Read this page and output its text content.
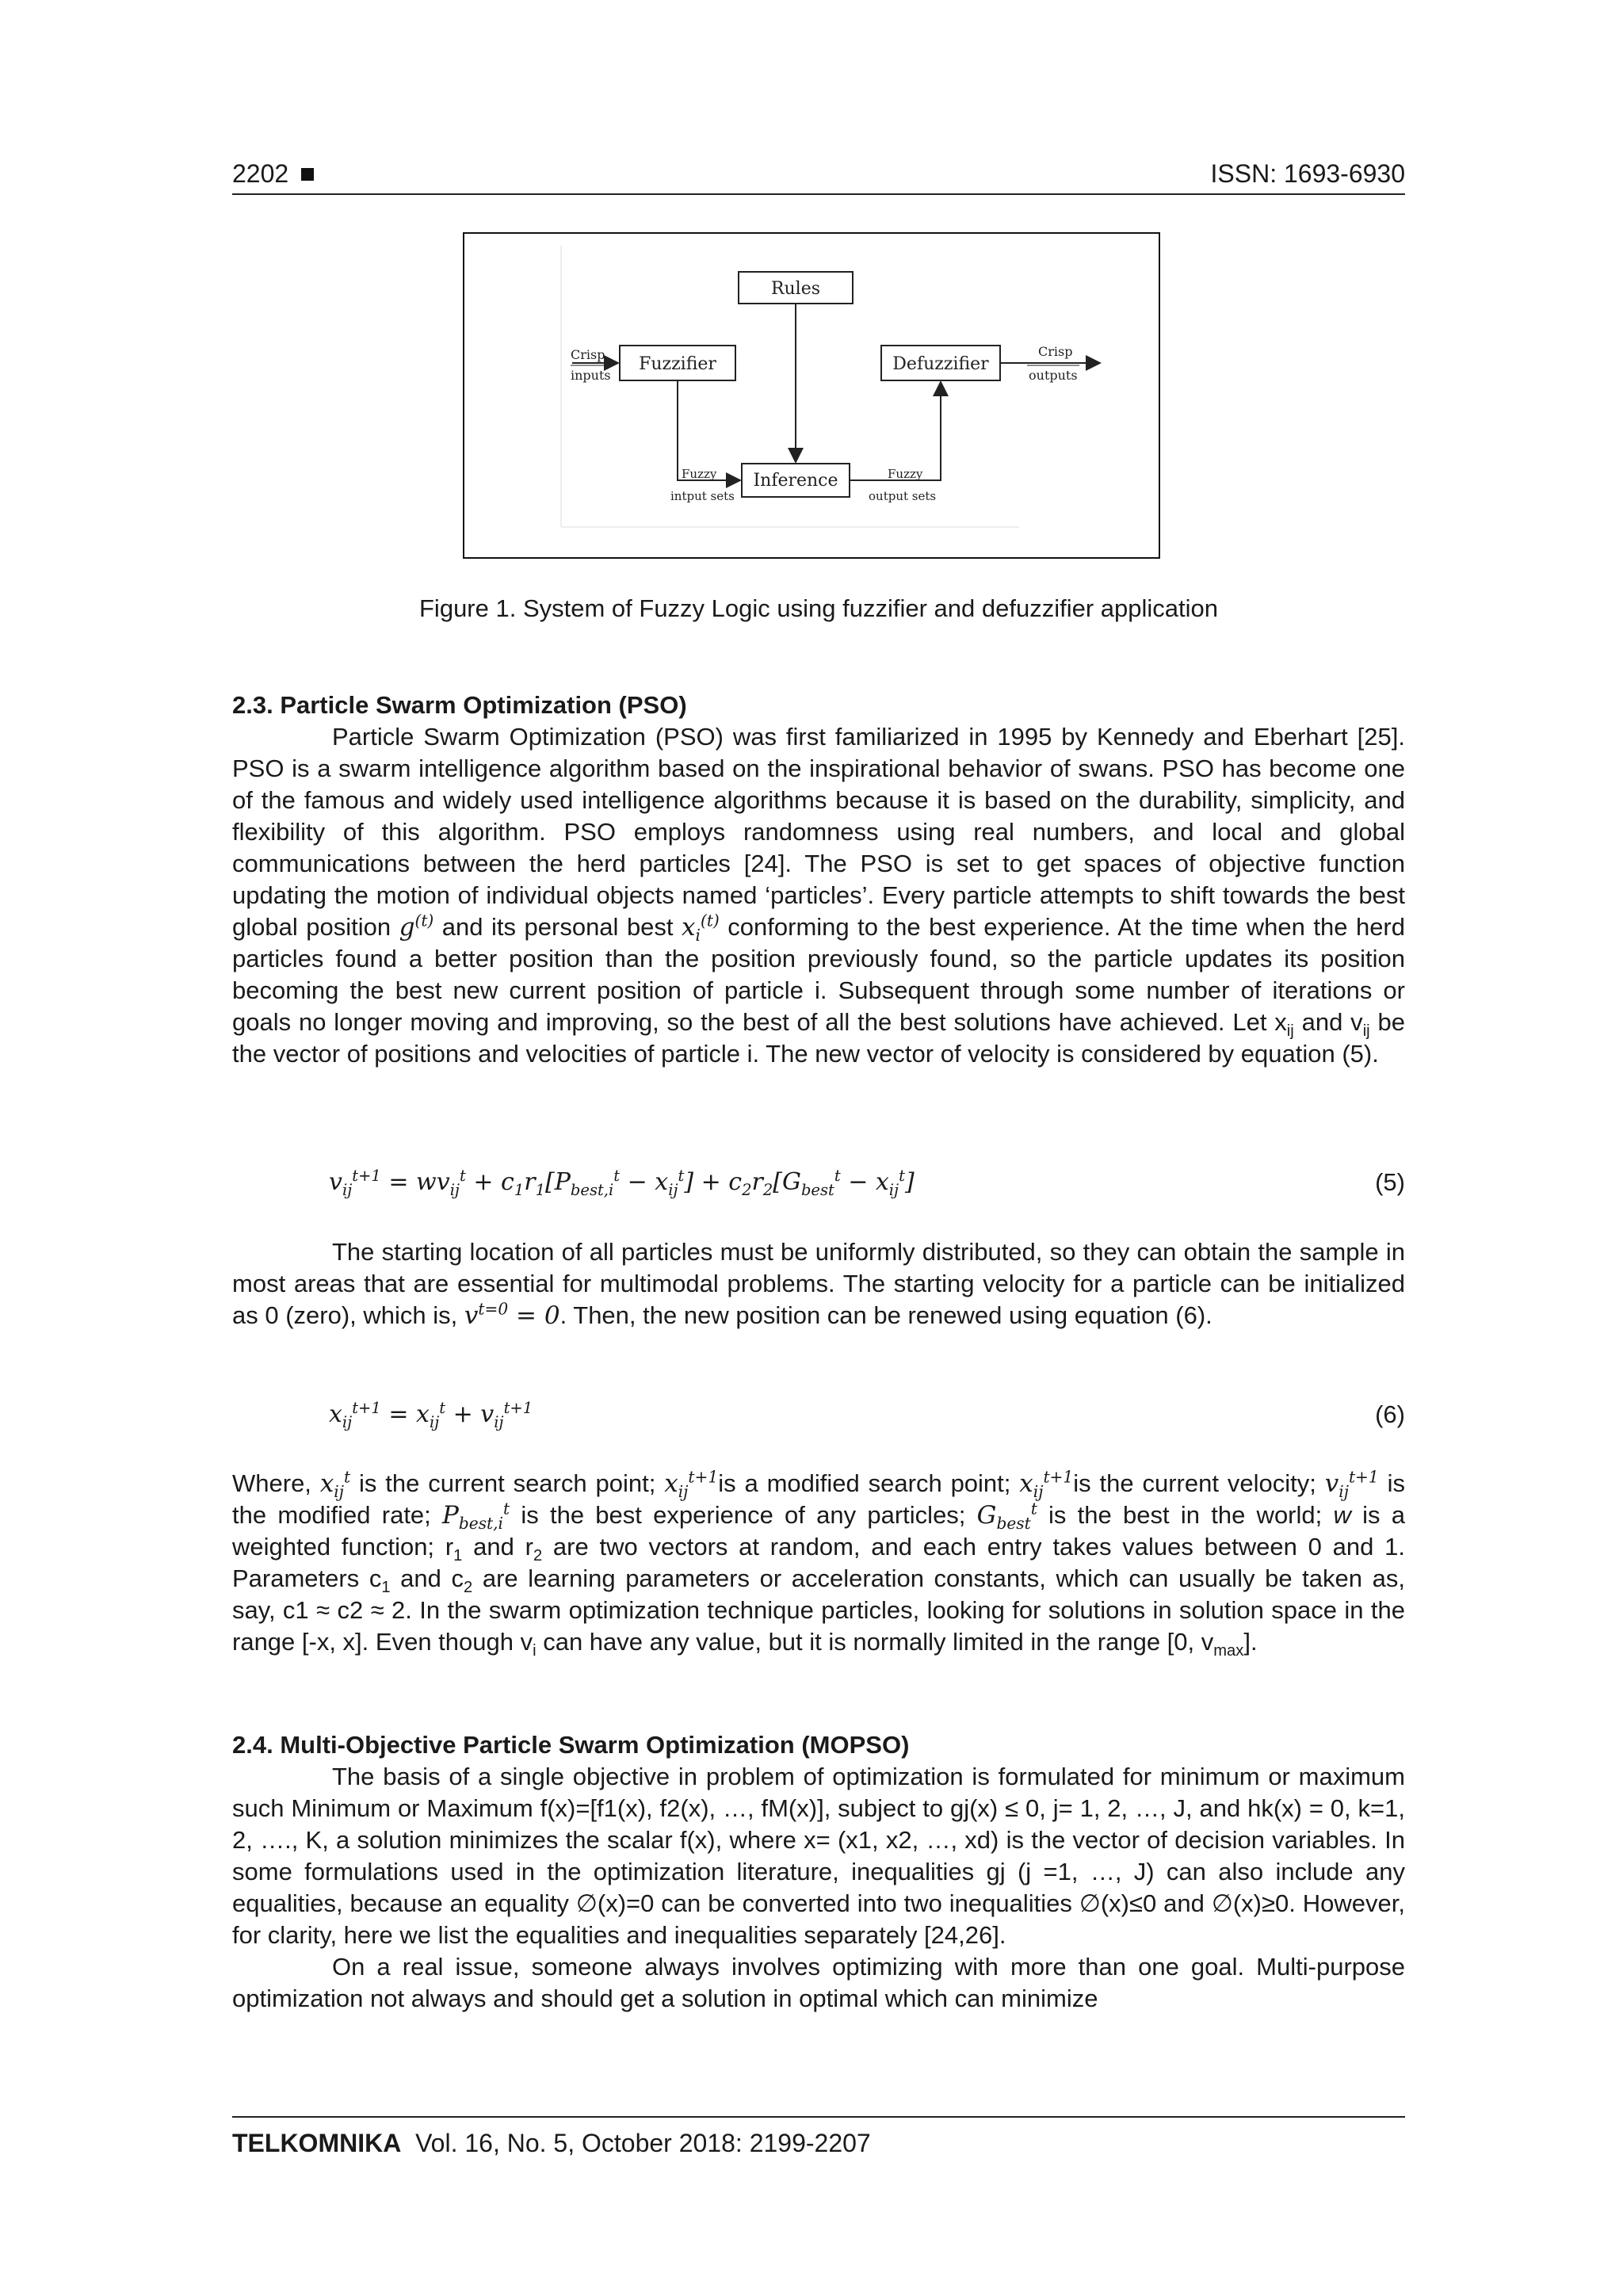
2202	ISSN: 1693-6930
Rules
Fuzzifier	Defuzzifier
Inference
Crisp
inputs
Crisp
outputs
Fuzzy
intput sets
Fuzzy
output sets
Figure 1. System of Fuzzy Logic using fuzzifier and defuzzifier application
2.3. Particle Swarm Optimization (PSO)

Particle Swarm Optimization (PSO) was first familiarized in 1995 by Kennedy and Eberhart [25]. PSO is a swarm intelligence algorithm based on the inspirational behavior of swans. PSO has become one of the famous and widely used intelligence algorithms because it is based on the durability, simplicity, and flexibility of this algorithm. PSO employs randomness using real numbers, and local and global communications between the herd particles [24]. The PSO is set to get spaces of objective function updating the motion of individual objects named ‘particles’. Every particle attempts to shift towards the best global position $g^{(t)}$ and its personal best $x_i^{(t)}$ conforming to the best experience. At the time when the herd particles found a better position than the position previously found, so the particle updates its position becoming the best new current position of particle i. Subsequent through some number of iterations or goals no longer moving and improving, so the best of all the best solutions have achieved. Let $x_{ij}$ and $v_{ij}$ be the vector of positions and velocities of particle i. The new vector of velocity is considered by equation (5).

$v_{ij}^{t+1} = wv_{ij}^t + c_1r_1[P_{best,i}^t - x_{ij}^t] + c_2r_2[G_{best}^t - x_{ij}^t]$	(5)

The starting location of all particles must be uniformly distributed, so they can obtain the sample in most areas that are essential for multimodal problems. The starting velocity for a particle can be initialized as 0 (zero), which is, $v^{t=0} = 0$. Then, the new position can be renewed using equation (6).

$x_{ij}^{t+1} = x_{ij}^t + v_{ij}^{t+1}$	(6)

Where, $x_{ij}^t$ is the current search point; $x_{ij}^{t+1}is$ a modified search point; $x_{ij}^{t+1}is$ the current velocity; $v_{ij}^{t+1}$ is the modified rate; $P_{best,i}^t$ is the best experience of any particles; $G_{best}^t$ is the best in the world; w is a weighted function; $r_1$ and $r_2$ are two vectors at random, and each entry takes values between 0 and 1. Parameters $c_1$ and $c_2$ are learning parameters or acceleration constants, which can usually be taken as, say, c1 ≈ c2 ≈ 2. In the swarm optimization technique particles, looking for solutions in solution space in the range [-x, x]. Even though $v_i$ can have any value, but it is normally limited in the range [0, $v_{max}$].

2.4. Multi-Objective Particle Swarm Optimization (MOPSO)

The basis of a single objective in problem of optimization is formulated for minimum or maximum such Minimum or Maximum f(x)=[f1(x), f2(x), …, fM(x)], subject to gj(x) ≤ 0, j= 1, 2, …, J, and hk(x) = 0, k=1, 2, …., K, a solution minimizes the scalar f(x), where x= (x1, x2, …, xd) is the vector of decision variables. In some formulations used in the optimization literature, inequalities gj (j =1, …, J) can also include any equalities, because an equality ∅(x)=0 can be converted into two inequalities ∅(x)≤0 and ∅(x)≥0. However, for clarity, here we list the equalities and inequalities separately [24,26].

On a real issue, someone always involves optimizing with more than one goal. Multi-purpose optimization not always and should get a solution in optimal which can minimize

TELKOMNIKA Vol. 16, No. 5, October 2018: 2199-2207
